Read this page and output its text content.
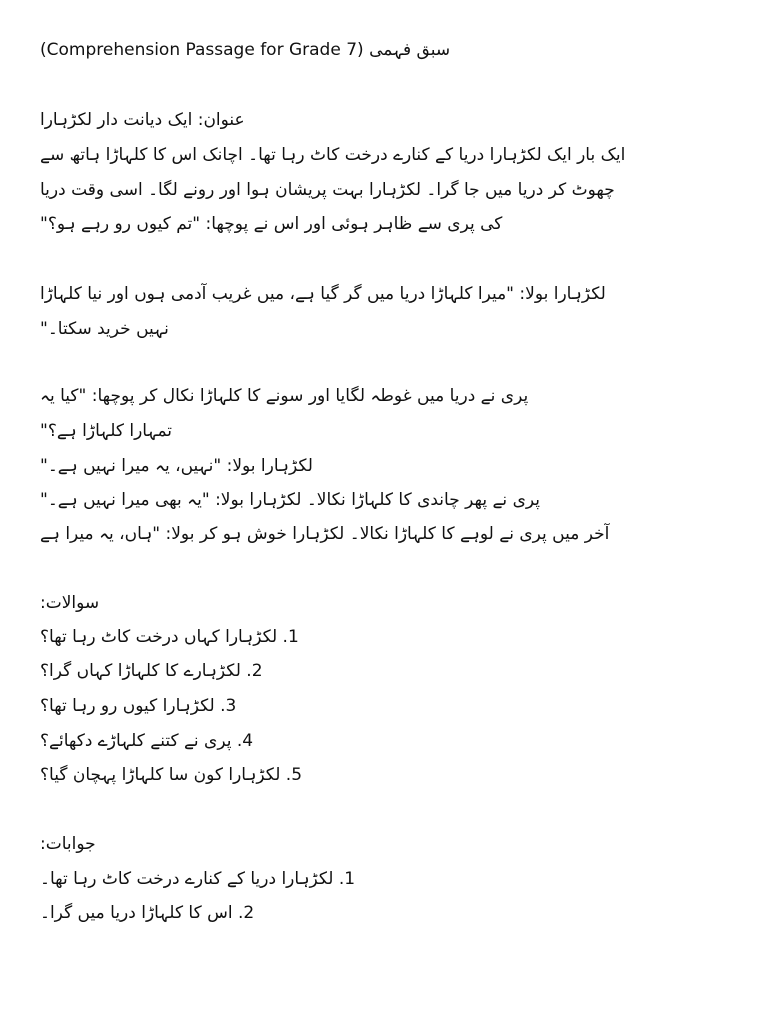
سبق فہمی (Comprehension Passage for Grade 7)
عنوان: ایک دیانت دار لکڑہارا
ایک بار ایک لکڑہارا دریا کے کنارے درخت کاٹ رہا تھا۔ اچانک اس کا کلہاڑا ہاتھ سے
چھوٹ کر دریا میں جا گرا۔ لکڑہارا بہت پریشان ہوا اور رونے لگا۔ اسی وقت دریا
کی پری سے ظاہر ہوئی اور اس نے پوچھا: "تم کیوں رو رہے ہو؟"
لکڑہارا بولا: "میرا کلہاڑا دریا میں گر گیا ہے، میں غریب آدمی ہوں اور نیا کلہاڑا
نہیں خرید سکتا۔"
پری نے دریا میں غوطہ لگایا اور سونے کا کلہاڑا نکال کر پوچھا: "کیا یہ
تمہارا کلہاڑا ہے؟"
لکڑہارا بولا: "نہیں، یہ میرا نہیں ہے۔"
پری نے پھر چاندی کا کلہاڑا نکالا۔ لکڑہارا بولا: "یہ بھی میرا نہیں ہے۔"
آخر میں پری نے لوہے کا کلہاڑا نکالا۔ لکڑہارا خوش ہو کر بولا: "ہاں، یہ میرا ہے
سوالات:
1. لکڑہارا کہاں درخت کاٹ رہا تھا؟
2. لکڑہارے کا کلہاڑا کہاں گرا؟
3. لکڑہارا کیوں رو رہا تھا؟
4. پری نے کتنے کلہاڑے دکھائے؟
5. لکڑہارا کون سا کلہاڑا پہچان گیا؟
جوابات:
1. لکڑہارا دریا کے کنارے درخت کاٹ رہا تھا۔
2. اس کا کلہاڑا دریا میں گرا۔
